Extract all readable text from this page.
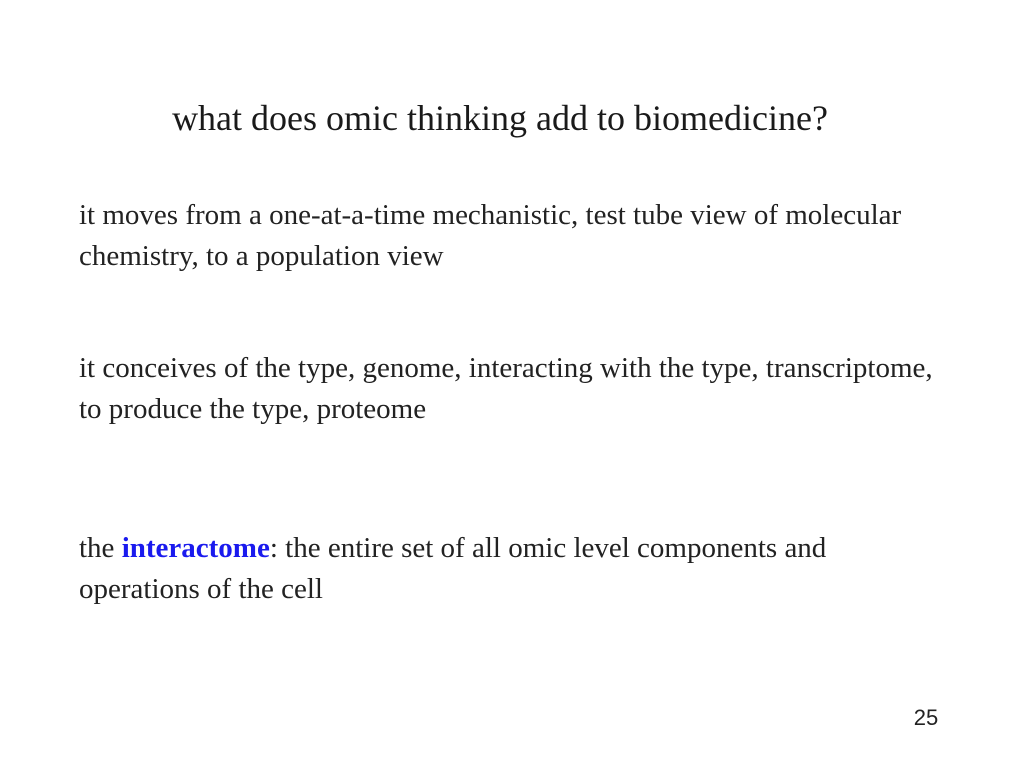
what does omic thinking add to biomedicine?

it moves from a one-at-a-time mechanistic, test tube view of molecular chemistry, to a population view

it conceives of the type, genome, interacting with the type, transcriptome, to produce the type, proteome

the interactome: the entire set of all omic level components and operations of the cell

25
